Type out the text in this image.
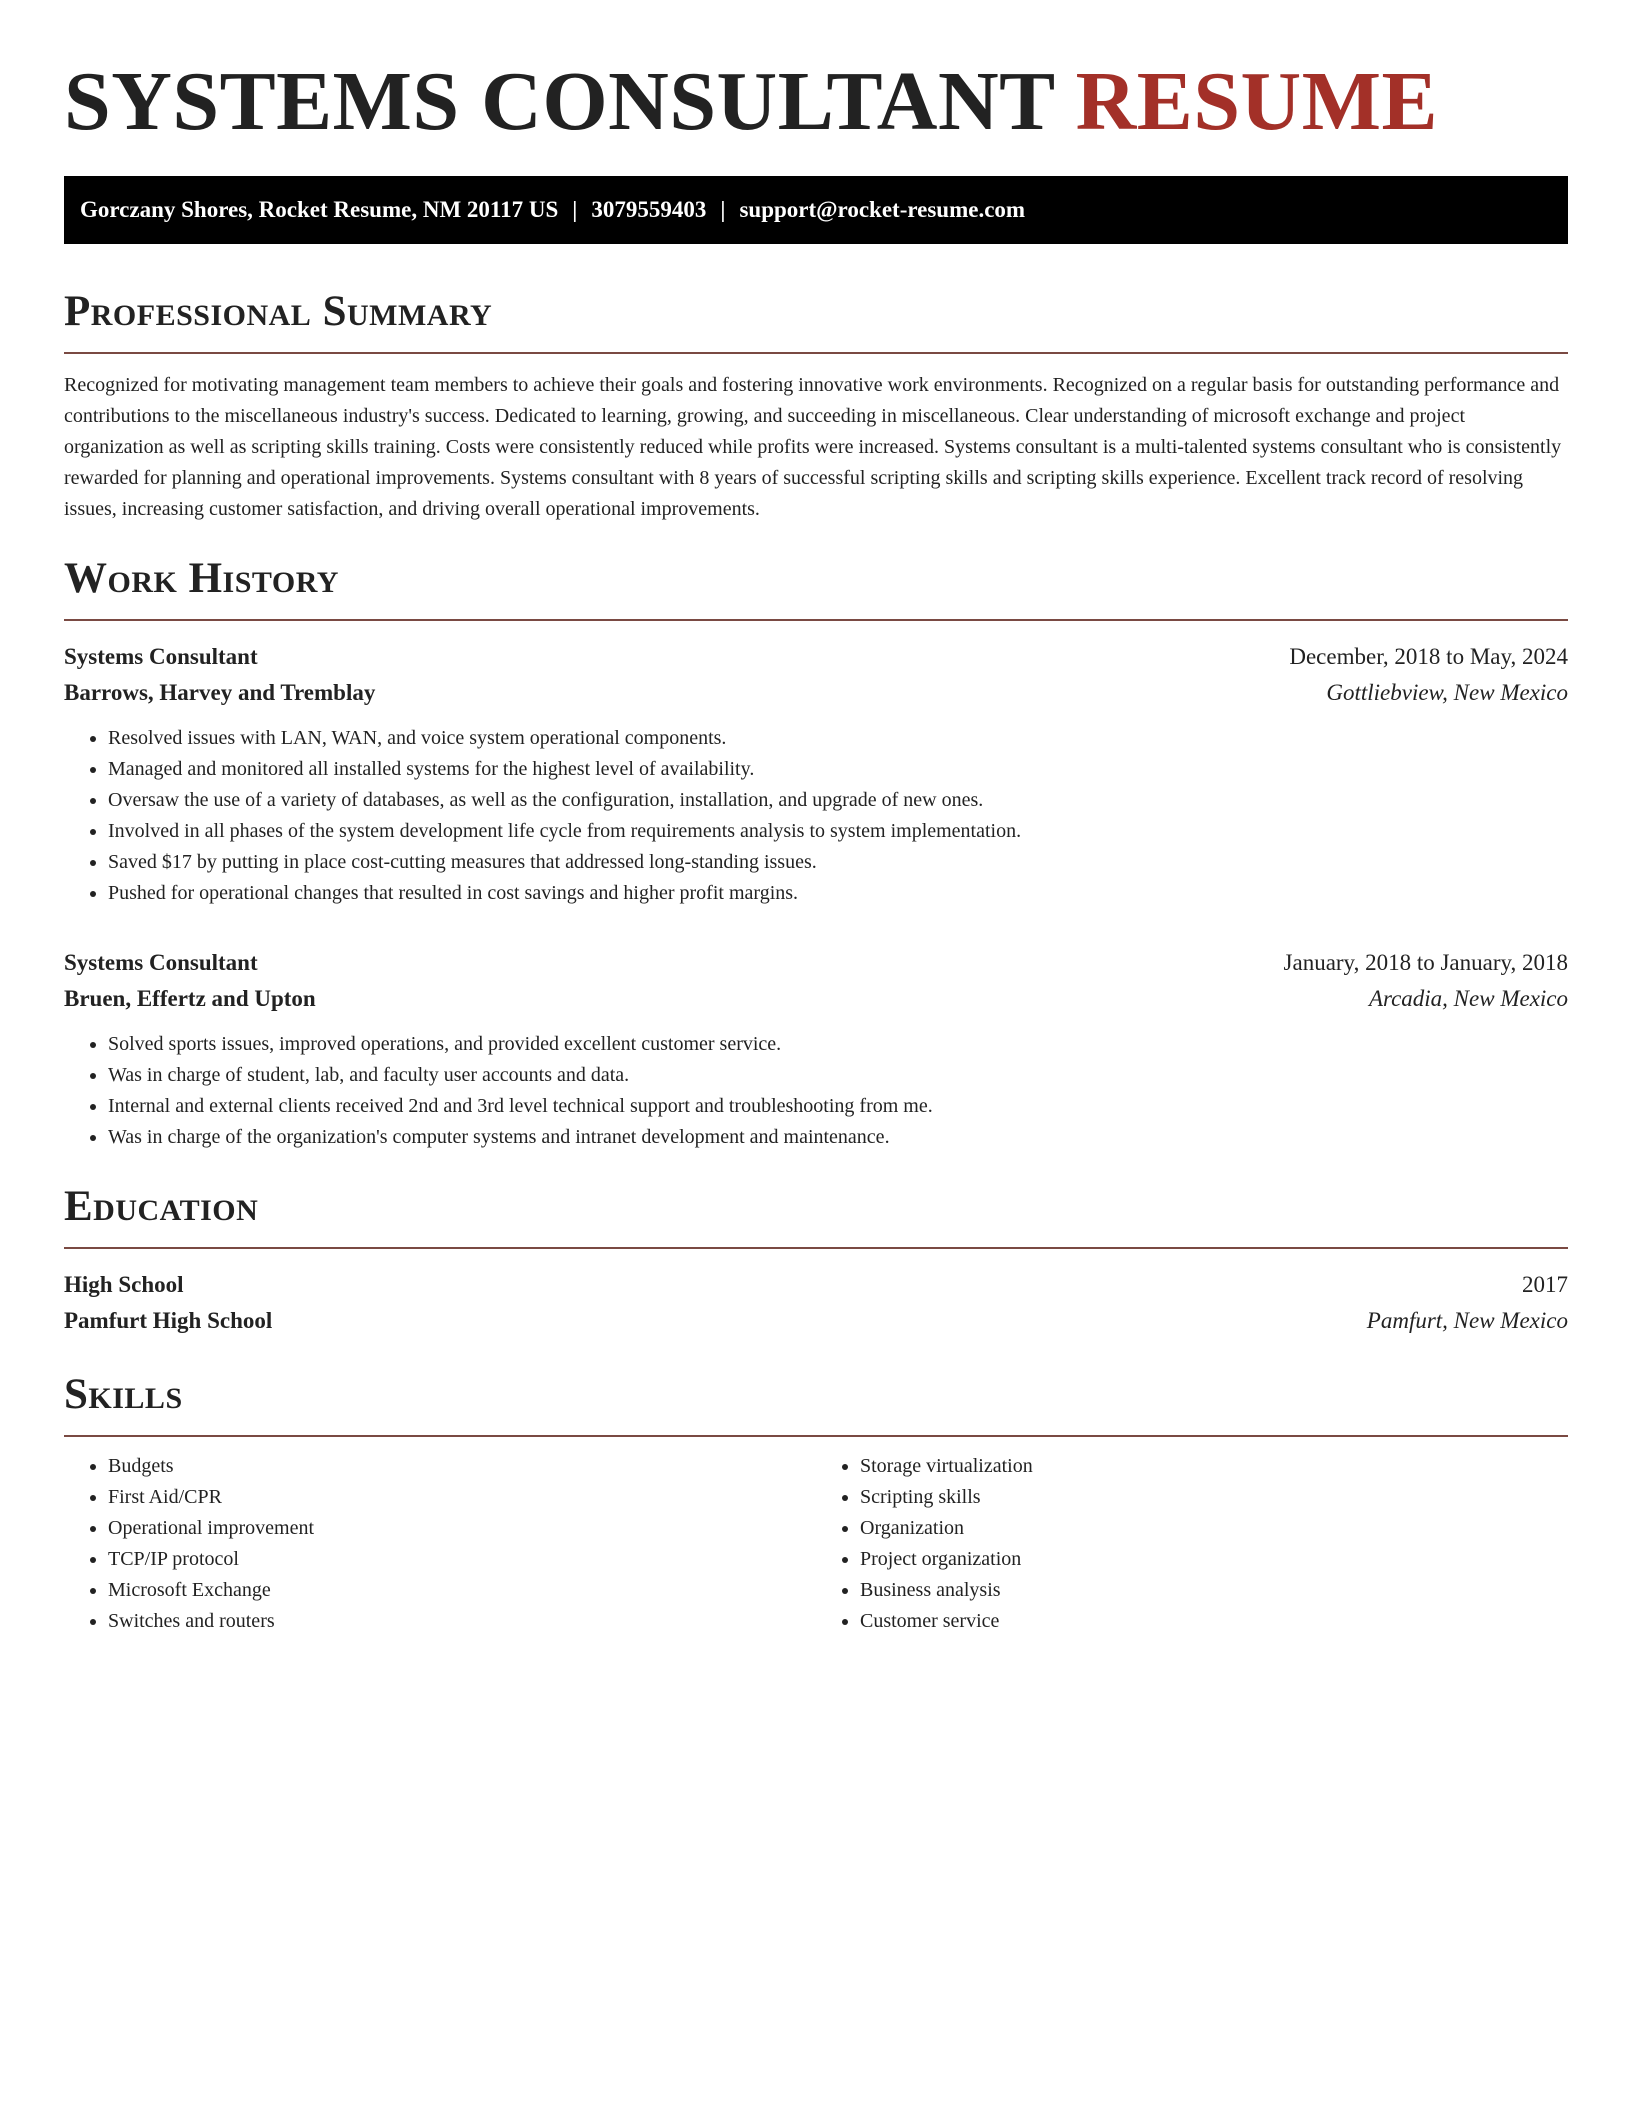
SYSTEMS CONSULTANT RESUME
Gorczany Shores, Rocket Resume, NM 20117 US | 3079559403 | support@rocket-resume.com
Professional Summary

Recognized for motivating management team members to achieve their goals and fostering innovative work environments. Recognized on a regular basis for outstanding performance and contributions to the miscellaneous industry's success. Dedicated to learning, growing, and succeeding in miscellaneous. Clear understanding of microsoft exchange and project organization as well as scripting skills training. Costs were consistently reduced while profits were increased. Systems consultant is a multi-talented systems consultant who is consistently rewarded for planning and operational improvements. Systems consultant with 8 years of successful scripting skills and scripting skills experience. Excellent track record of resolving issues, increasing customer satisfaction, and driving overall operational improvements.

Work History
Systems Consultant	December, 2018 to May, 2024
Barrows, Harvey and Tremblay	Gottliebview, New Mexico
• Resolved issues with LAN, WAN, and voice system operational components.
• Managed and monitored all installed systems for the highest level of availability.
• Oversaw the use of a variety of databases, as well as the configuration, installation, and upgrade of new ones.
• Involved in all phases of the system development life cycle from requirements analysis to system implementation.
• Saved $17 by putting in place cost-cutting measures that addressed long-standing issues.
• Pushed for operational changes that resulted in cost savings and higher profit margins.
Systems Consultant	January, 2018 to January, 2018
Bruen, Effertz and Upton	Arcadia, New Mexico
• Solved sports issues, improved operations, and provided excellent customer service.
• Was in charge of student, lab, and faculty user accounts and data.
• Internal and external clients received 2nd and 3rd level technical support and troubleshooting from me.
• Was in charge of the organization's computer systems and intranet development and maintenance.
Education
High School	2017
Pamfurt High School	Pamfurt, New Mexico
Skills
• Budgets
• First Aid/CPR
• Operational improvement
• TCP/IP protocol
• Microsoft Exchange
• Switches and routers
• Storage virtualization
• Scripting skills
• Organization
• Project organization
• Business analysis
• Customer service
